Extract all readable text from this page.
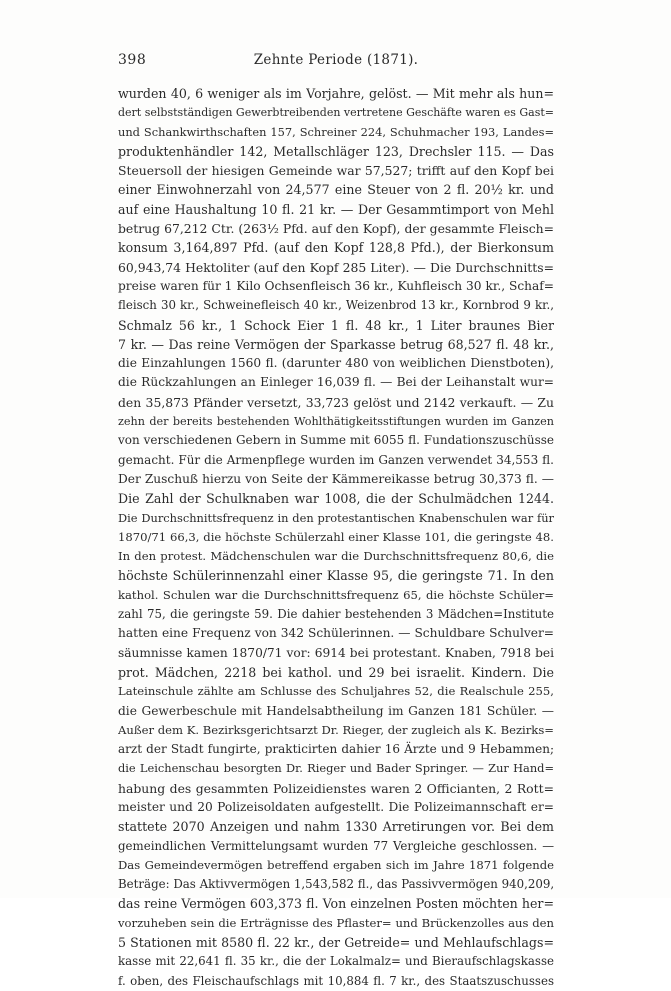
398	Zehnte Periode (1871).
wurden 40, 6 weniger als im Vorjahre, gelöst. — Mit mehr als hun=
dert selbstständigen Gewerbtreibenden vertretene Geschäfte waren es Gast=
und Schankwirthschaften 157, Schreiner 224, Schuhmacher 193, Landes=
produktenhändler 142, Metallschläger 123, Drechsler 115. — Das
Steuersoll der hiesigen Gemeinde war 57,527; trifft auf den Kopf bei
einer Einwohnerzahl von 24,577 eine Steuer von 2 fl. 20½ kr. und
auf eine Haushaltung 10 fl. 21 kr. — Der Gesammtimport von Mehl
betrug 67,212 Ctr. (263½ Pfd. auf den Kopf), der gesammte Fleisch=
konsum 3,164,897 Pfd. (auf den Kopf 128,8 Pfd.), der Bierkonsum
60,943,74 Hektoliter (auf den Kopf 285 Liter). — Die Durchschnitts=
preise waren für 1 Kilo Ochsenfleisch 36 kr., Kuhfleisch 30 kr., Schaf=
fleisch 30 kr., Schweinefleisch 40 kr., Weizenbrod 13 kr., Kornbrod 9 kr.,
Schmalz 56 kr., 1 Schock Eier 1 fl. 48 kr., 1 Liter braunes Bier
7 kr. — Das reine Vermögen der Sparkasse betrug 68,527 fl. 48 kr.,
die Einzahlungen 1560 fl. (darunter 480 von weiblichen Dienstboten),
die Rückzahlungen an Einleger 16,039 fl. — Bei der Leihanstalt wur=
den 35,873 Pfänder versetzt, 33,723 gelöst und 2142 verkauft. — Zu
zehn der bereits bestehenden Wohlthätigkeitsstiftungen wurden im Ganzen
von verschiedenen Gebern in Summe mit 6055 fl. Fundationszuschüsse
gemacht. Für die Armenpflege wurden im Ganzen verwendet 34,553 fl.
Der Zuschuß hierzu von Seite der Kämmereikasse betrug 30,373 fl. —
Die Zahl der Schulknaben war 1008, die der Schulmädchen 1244.
Die Durchschnittsfrequenz in den protestantischen Knabenschulen war für
1870/71 66,3, die höchste Schülerzahl einer Klasse 101, die geringste 48.
In den protest. Mädchenschulen war die Durchschnittsfrequenz 80,6, die
höchste Schülerinnenzahl einer Klasse 95, die geringste 71. In den
kathol. Schulen war die Durchschnittsfrequenz 65, die höchste Schüler=
zahl 75, die geringste 59. Die dahier bestehenden 3 Mädchen=Institute
hatten eine Frequenz von 342 Schülerinnen. — Schuldbare Schulver=
säumnisse kamen 1870/71 vor: 6914 bei protestant. Knaben, 7918 bei
prot. Mädchen, 2218 bei kathol. und 29 bei israelit. Kindern. Die
Lateinschule zählte am Schlusse des Schuljahres 52, die Realschule 255,
die Gewerbeschule mit Handelsabtheilung im Ganzen 181 Schüler. —
Außer dem K. Bezirksgerichtsarzt Dr. Rieger, der zugleich als K. Bezirks=
arzt der Stadt fungirte, prakticirten dahier 16 Ärzte und 9 Hebammen;
die Leichenschau besorgten Dr. Rieger und Bader Springer. — Zur Hand=
habung des gesammten Polizeidienstes waren 2 Officianten, 2 Rott=
meister und 20 Polizeisoldaten aufgestellt. Die Polizeimannschaft er=
stattete 2070 Anzeigen und nahm 1330 Arretirungen vor. Bei dem
gemeindlichen Vermittelungsamt wurden 77 Vergleiche geschlossen. —
Das Gemeindevermögen betreffend ergaben sich im Jahre 1871 folgende
Beträge: Das Aktivvermögen 1,543,582 fl., das Passivvermögen 940,209,
das reine Vermögen 603,373 fl. Von einzelnen Posten möchten her=
vorzuheben sein die Erträgnisse des Pflaster= und Brückenzolles aus den
5 Stationen mit 8580 fl. 22 kr., der Getreide= und Mehlaufschlags=
kasse mit 22,641 fl. 35 kr., die der Lokalmalz= und Bieraufschlagskasse
f. oben, des Fleischaufschlags mit 10,884 fl. 7 kr., des Staatszuschusses
